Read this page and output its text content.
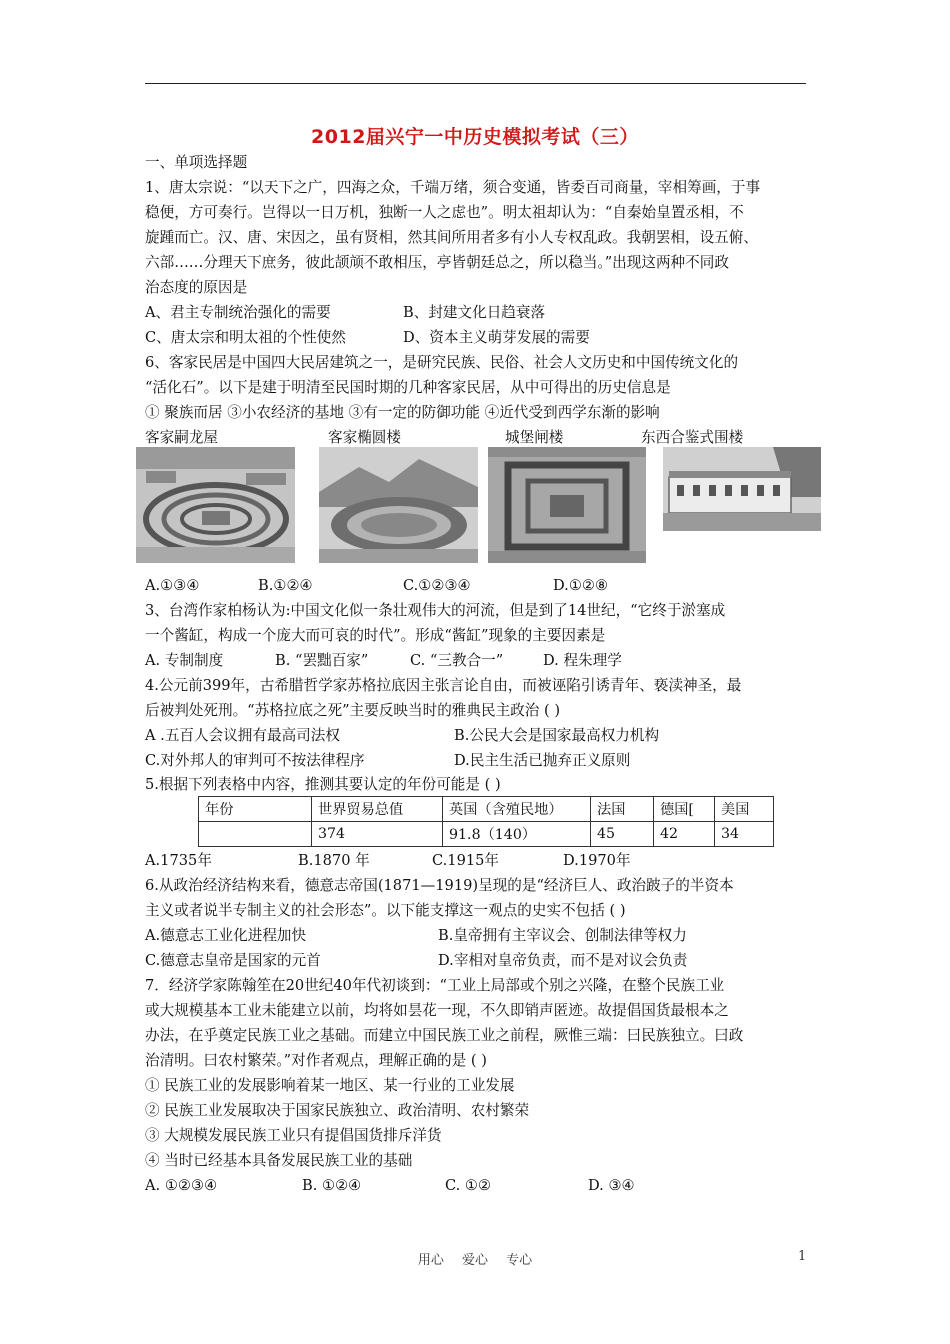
2012届兴宁一中历史模拟考试（三）
一、单项选择题
1、唐太宗说：“以天下之广，四海之众，千端万绪，须合变通，皆委百司商量，宰相筹画，于事
稳便，方可奏行。岂得以一日万机，独断一人之虑也”。明太祖却认为：“自秦始皇置丞相，不
旋踵而亡。汉、唐、宋因之，虽有贤相，然其间所用者多有小人专权乱政。我朝罢相，设五俯、
六部……分理天下庶务，彼此颉颃不敢相压，亭皆朝廷总之，所以稳当。”出现这两种不同政
治态度的原因是
A、君主专制统治强化的需要	B、封建文化日趋衰落
C、唐太宗和明太祖的个性使然	D、资本主义萌芽发展的需要
6、客家民居是中国四大民居建筑之一，是研究民族、民俗、社会人文历史和中国传统文化的
“活化石”。以下是建于明清至民国时期的几种客家民居，从中可得出的历史信息是
① 聚族而居 ③小农经济的基地 ③有一定的防御功能 ④近代受到西学东渐的影响
客家嗣龙屋	客家椭圆楼	城堡闸楼	东西合鉴式围楼
A.①③④	B.①②④	C.①②③④	D.①②⑧
3、台湾作家柏杨认为:中国文化似一条壮观伟大的河流，但是到了14世纪，“它终于淤塞成
一个酱缸，构成一个庞大而可哀的时代”。形成“酱缸”现象的主要因素是
A. 专制制度	B. “罢黜百家”	C. “三教合一”	D. 程朱理学
4.公元前399年，古希腊哲学家苏格拉底因主张言论自由，而被诬陷引诱青年、亵渎神圣，最
后被判处死刑。“苏格拉底之死”主要反映当时的雅典民主政治 ( )
A .五百人会议拥有最高司法权	B.公民大会是国家最高权力机构
C.对外邦人的审判可不按法律程序	D.民主生活已抛弃正义原则
5.根据下列表格中内容，推测其要认定的年份可能是 ( )
年份	世界贸易总值	英国（含殖民地）	法国	德国[	美国
	374	91.8（140）	45	42	34
A.1735年	B.1870 年	C.1915年	D.1970年
6.从政治经济结构来看，德意志帝国(1871—1919)呈现的是“经济巨人、政治跛子的半资本
主义或者说半专制主义的社会形态”。以下能支撑这一观点的史实不包括 ( )
A.德意志工业化进程加快	B.皇帝拥有主宰议会、创制法律等权力
C.德意志皇帝是国家的元首	D.宰相对皇帝负责，而不是对议会负责
7．经济学家陈翰笙在20世纪40年代初谈到：“工业上局部或个别之兴隆，在整个民族工业
或大规模基本工业未能建立以前，均将如昙花一现，不久即销声匿迹。故提倡国货最根本之
办法，在乎奠定民族工业之基础。而建立中国民族工业之前程，厥惟三端：曰民族独立。曰政
治清明。曰农村繁荣。”对作者观点，理解正确的是 ( )
① 民族工业的发展影响着某一地区、某一行业的工业发展
② 民族工业发展取决于国家民族独立、政治清明、农村繁荣
③ 大规模发展民族工业只有提倡国货排斥洋货
④ 当时已经基本具备发展民族工业的基础
A. ①②③④	B. ①②④	C. ①②	D. ③④
用心 爱心 专心	1
